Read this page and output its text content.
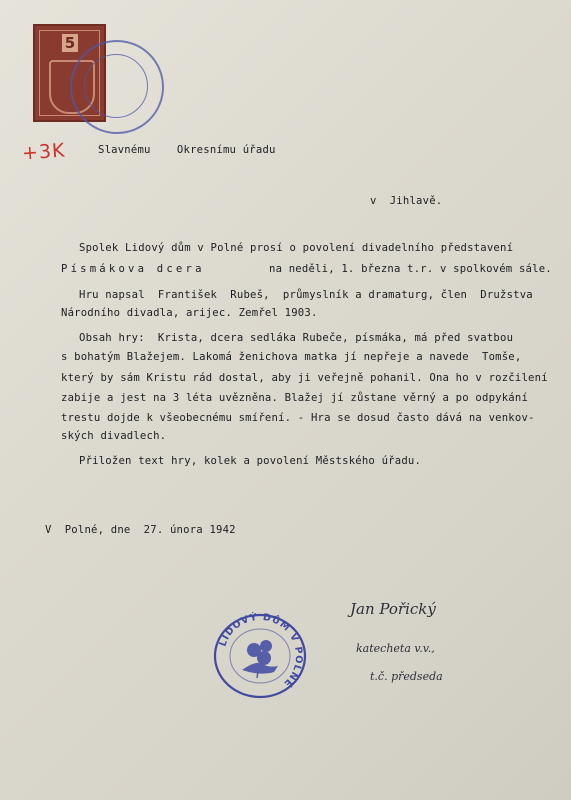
5
+3K	Slavnému    Okresnímu úřadu
v  Jihlavě.
Spolek Lidový dům v Polné prosí o povolení divadelního představení
Písmákova dcera	na neděli, 1. března t.r. v spolkovém sále.
Hru napsal  František  Rubeš,  průmyslník a dramaturg, člen  Družstva
Národního divadla, arijec. Zemřel 1903.
Obsah hry:  Krista, dcera sedláka Rubeče, písmáka, má před svatbou
s bohatým Blažejem. Lakomá ženichova matka jí nepřeje a navede  Tomše,
který by sám Kristu rád dostal, aby ji veřejně pohanil. Ona ho v rozčilení
zabije a jest na 3 léta uvězněna. Blažej jí zůstane věrný a po odpykání
trestu dojde k všeobecnému smíření. - Hra se dosud často dává na venkov-
ských divadlech.
Přiložen text hry, kolek a povolení Městského úřadu.
V  Polné, dne  27. února 1942
Jan Pořický
katecheta v.v.,
t.č. předseda
LIDOVÝ DŮM V POLNÉ
